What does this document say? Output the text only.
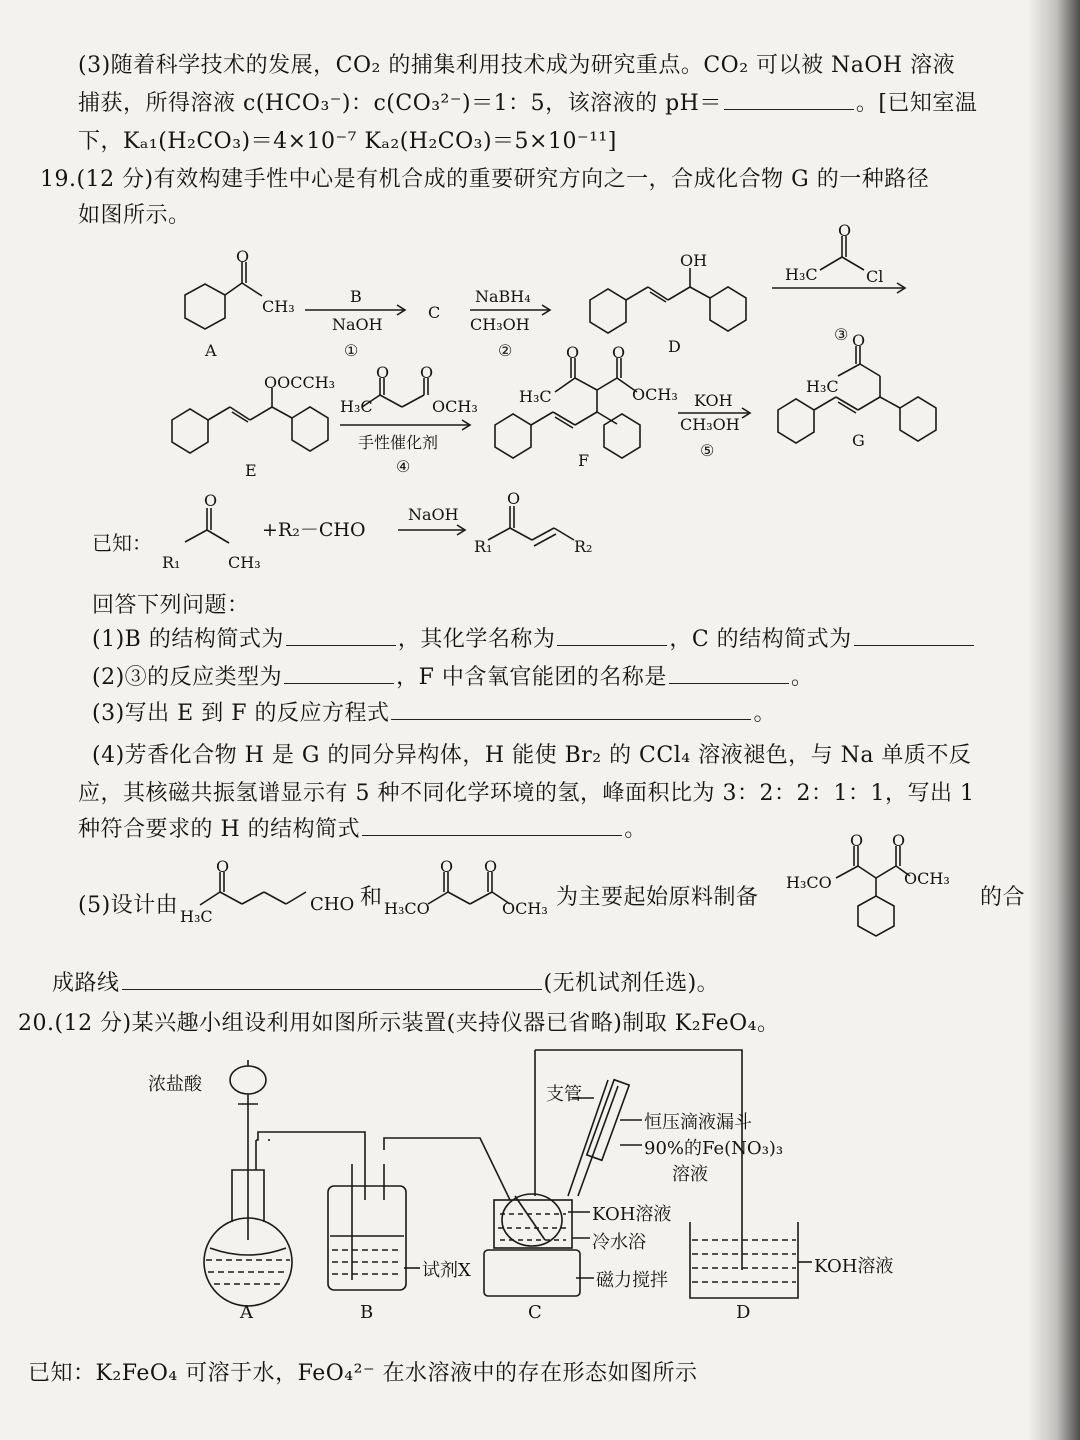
(3)随着科学技术的发展，CO₂ 的捕集利用技术成为研究重点。CO₂ 可以被 NaOH 溶液
捕获，所得溶液 c(HCO₃⁻)：c(CO₃²⁻)＝1：5，该溶液的 pH＝	。[已知室温
下，Kₐ₁(H₂CO₃)＝4×10⁻⁷ Kₐ₂(H₂CO₃)＝5×10⁻¹¹]
19.(12 分)有效构建手性中心是有机合成的重要研究方向之一，合成化合物 G 的一种路径
如图所示。
O
CH₃
A
B
NaOH
①
C
NaBH₄
CH₃OH
②
OH
D
H₃C
O
Cl
③
OOCCH₃
E
H₃C
O O
OCH₃
手性催化剂
④
H₃C
O O
OCH₃
F
KOH
CH₃OH
⑤
H₃C
O
G
已知：
O
R₁	CH₃
+R₂－CHO
NaOH
O
R₁	R₂
O
H₃C
CHO
O O
H₃CO	OCH₃
O O
H₃CO	OCH₃
回答下列问题：
(1)B 的结构简式为	，其化学名称为	，C 的结构简式为
(2)③的反应类型为	，F 中含氧官能团的名称是	。
(3)写出 E 到 F 的反应方程式	。
(4)芳香化合物 H 是 G 的同分异构体，H 能使 Br₂ 的 CCl₄ 溶液褪色，与 Na 单质不反
应，其核磁共振氢谱显示有 5 种不同化学环境的氢，峰面积比为 3：2：2：1：1，写出 1
种符合要求的 H 的结构简式	。
(5)设计由	和	为主要起始原料制备	的合
成路线	(无机试剂任选)。
20.(12 分)某兴趣小组设利用如图所示装置(夹持仪器已省略)制取 K₂FeO₄。
浓盐酸	支管
恒压滴液漏斗
90%的Fe(NO₃)₃
溶液
KOH溶液
冷水浴
试剂X	磁力搅拌
KOH溶液
A	B	C	D
已知：K₂FeO₄ 可溶于水，FeO₄²⁻ 在水溶液中的存在形态如图所示
